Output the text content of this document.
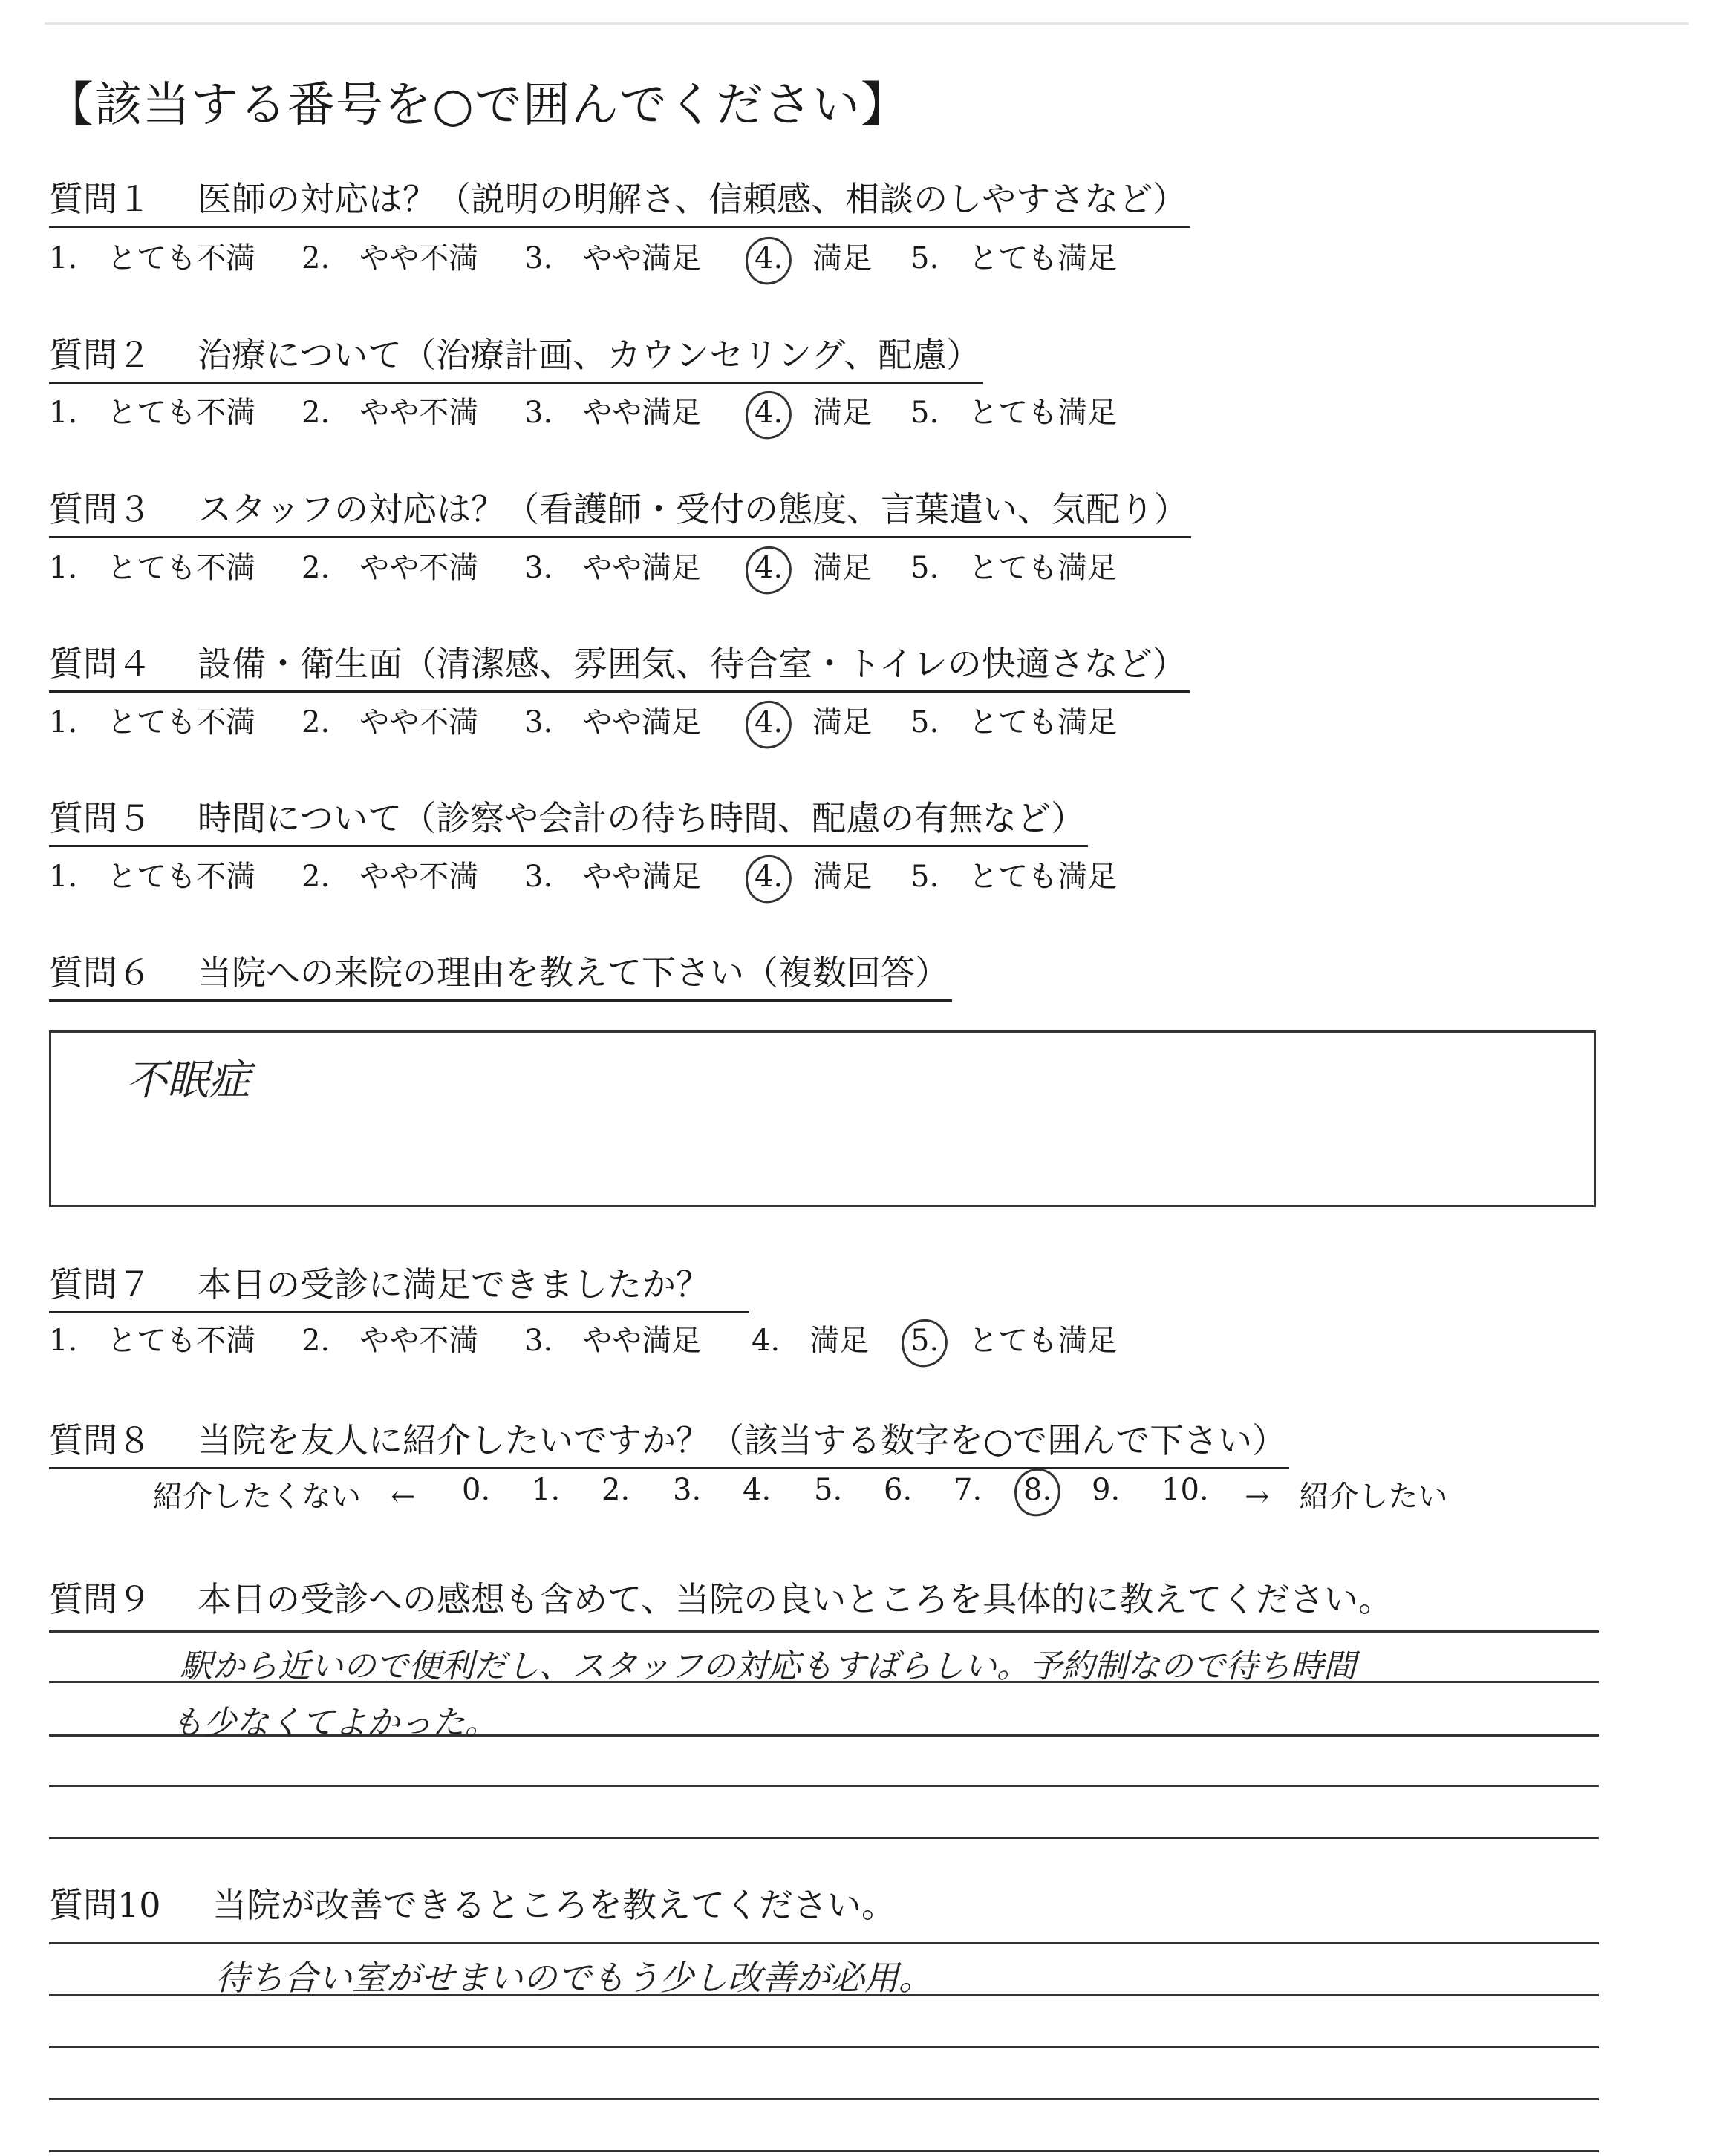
【該当する番号を○で囲んでください】
質問１ 医師の対応は？（説明の明解さ、信頼感、相談のしやすさなど）
1.　とても不満 2.　やや不満 3.　やや満足 4.　満足 5.　とても満足
質問２ 治療について（治療計画、カウンセリング、配慮）
1.　とても不満 2.　やや不満 3.　やや満足 4.　満足 5.　とても満足
質問３ スタッフの対応は？（看護師・受付の態度、言葉遣い、気配り）
1.　とても不満 2.　やや不満 3.　やや満足 4.　満足 5.　とても満足
質問４ 設備・衛生面（清潔感、雰囲気、待合室・トイレの快適さなど）
1.　とても不満 2.　やや不満 3.　やや満足 4.　満足 5.　とても満足
質問５ 時間について（診察や会計の待ち時間、配慮の有無など）
1.　とても不満 2.　やや不満 3.　やや満足 4.　満足 5.　とても満足
質問６ 当院への来院の理由を教えて下さい（複数回答）
不眠症
質問７ 本日の受診に満足できましたか？
1.　とても不満 2.　やや不満 3.　やや満足 4.　満足 5.　とても満足
質問８ 当院を友人に紹介したいですか？（該当する数字を○で囲んで下さい）
紹介したくない　← 0. 1. 2. 3. 4. 5. 6. 7. 8. 9. 10. →　紹介したい
質問９ 本日の受診への感想も含めて、当院の良いところを具体的に教えてください。
駅から近いので便利だし、スタッフの対応もすばらしい。予約制なので待ち時間
も少なくてよかった。
質問10 当院が改善できるところを教えてください。
待ち合い室がせまいのでもう少し改善が必用。
